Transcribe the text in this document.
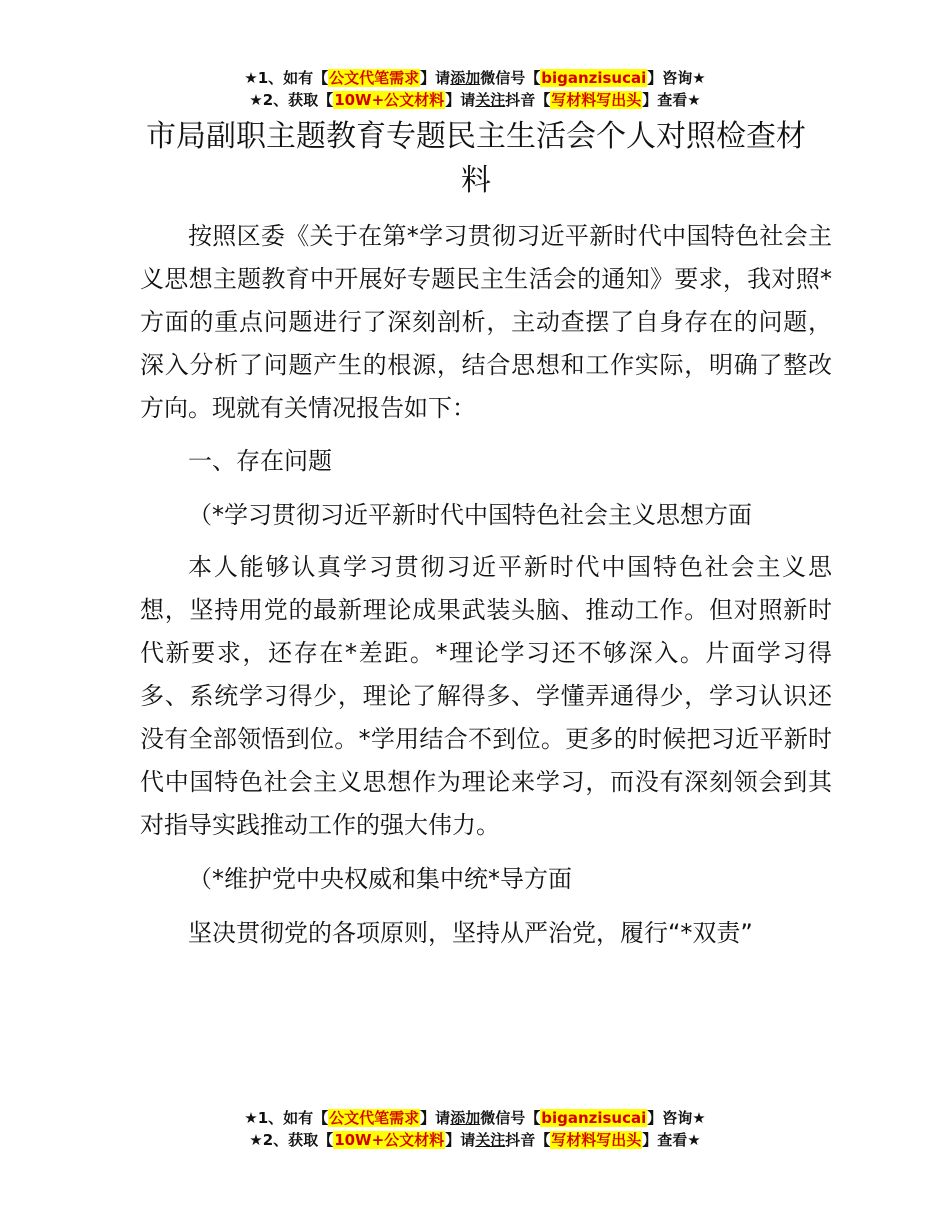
★1、如有【公文代笔需求】请添加微信号【biganzisucai】咨询★
★2、获取【10W+公文材料】请关注抖音【写材料写出头】查看★
市局副职主题教育专题民主生活会个人对照检查材料

按照区委《关于在第*学习贯彻习近平新时代中国特色社会主义思想主题教育中开展好专题民主生活会的通知》要求，我对照*方面的重点问题进行了深刻剖析，主动查摆了自身存在的问题，深入分析了问题产生的根源，结合思想和工作实际，明确了整改方向。现就有关情况报告如下：

一、存在问题

（*学习贯彻习近平新时代中国特色社会主义思想方面

本人能够认真学习贯彻习近平新时代中国特色社会主义思想，坚持用党的最新理论成果武装头脑、推动工作。但对照新时代新要求，还存在*差距。*理论学习还不够深入。片面学习得多、系统学习得少，理论了解得多、学懂弄通得少，学习认识还没有全部领悟到位。*学用结合不到位。更多的时候把习近平新时代中国特色社会主义思想作为理论来学习，而没有深刻领会到其对指导实践推动工作的强大伟力。

（*维护党中央权威和集中统*导方面

坚决贯彻党的各项原则，坚持从严治党，履行“*双责”

★1、如有【公文代笔需求】请添加微信号【biganzisucai】咨询★
★2、获取【10W+公文材料】请关注抖音【写材料写出头】查看★
